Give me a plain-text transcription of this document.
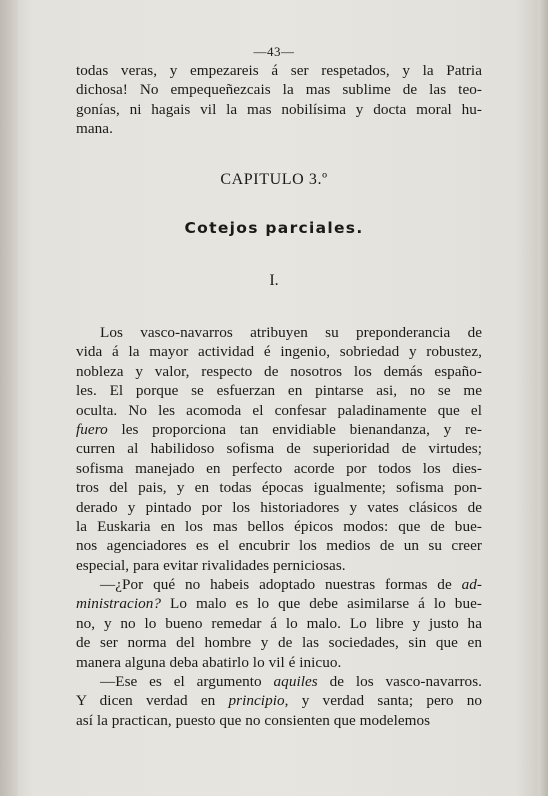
—43—
todas veras, y empezareis á ser respetados, y la Patria
dichosa! No empequeñezcais la mas sublime de las teo-
gonías, ni hagais vil la mas nobilísima y docta moral hu-
mana.
CAPITULO 3.º
Cotejos parciales.
I.
Los vasco-navarros atribuyen su preponderancia de
vida á la mayor actividad é ingenio, sobriedad y robustez,
nobleza y valor, respecto de nosotros los demás españo-
les. El porque se esfuerzan en pintarse asi, no se me
oculta. No les acomoda el confesar paladinamente que el
fuero les proporciona tan envidiable bienandanza, y re-
curren al habilidoso sofisma de superioridad de virtudes;
sofisma manejado en perfecto acorde por todos los dies-
tros del pais, y en todas épocas igualmente; sofisma pon-
derado y pintado por los historiadores y vates clásicos de
la Euskaria en los mas bellos épicos modos: que de bue-
nos agenciadores es el encubrir los medios de un su creer
especial, para evitar rivalidades perniciosas.
—¿Por qué no habeis adoptado nuestras formas de ad-
ministracion? Lo malo es lo que debe asimilarse á lo bue-
no, y no lo bueno remedar á lo malo. Lo libre y justo ha
de ser norma del hombre y de las sociedades, sin que en
manera alguna deba abatirlo lo vil é inicuo.
—Ese es el argumento aquiles de los vasco-navarros.
Y dicen verdad en principio, y verdad santa; pero no
así la practican, puesto que no consienten que modelemos
